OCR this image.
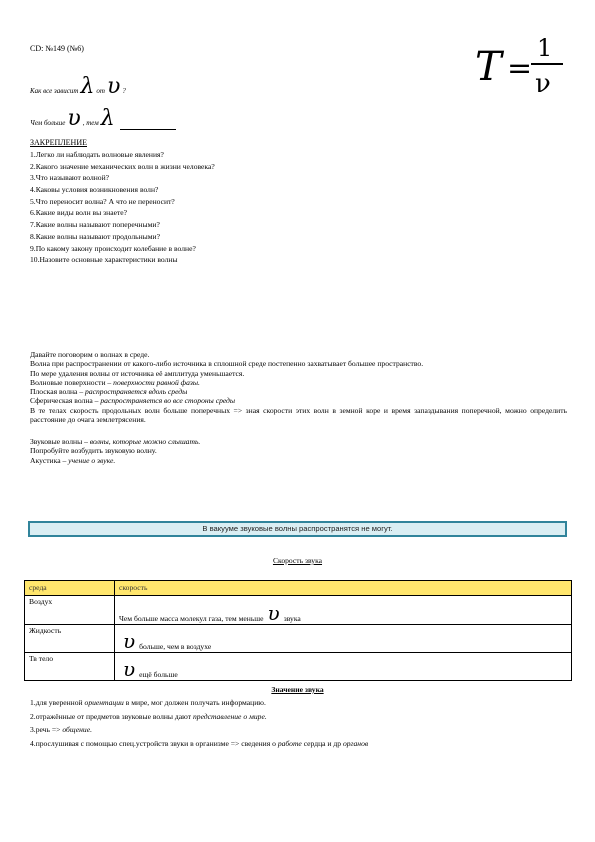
CD: №149 (№6)	T =
1
ν
Как все зависит λ от υ ?
Чем больше υ , тем λ
ЗАКРЕПЛЕНИЕ
1.Легко ли наблюдать волновые явления?
2.Какого значение механических волн в жизни человека?
3.Что называют волной?
4.Каковы условия возникновения волн?
5.Что переносит волна? А что не переносит?
6.Какие виды волн вы знаете?
7.Какие волны называют поперечными?
8.Какие волны называют продольными?
9.По какому закону происходит колебание в волне?
10.Назовите основные характеристики волны

Давайте поговорим о волнах в среде.

Волна при распространении от какого-либо источника в сплошной среде постепенно захватывает большее пространство.

По мере удаления волны от источника её амплитуда уменьшается.

Волновые поверхности – поверхности равной фазы.

Плоская волна – распространяется вдоль среды

Сферическая волна – распространяется во все стороны среды

В те телах скорость продольных волн больше поперечных => зная скорости этих волн в земной коре и время запаздывания поперечной, можно определить расстояние до очага землетрясения.

Звуковые волны – волны, которые можно слышать.

Попробуйте возбудить звуковую волну.

Акустика – учение о звуке.

В вакууме звуковые волны распространятся не могут.
Скорость звука
среда	скорость
Воздух	Чем больше масса молекул газа, тем меньше υ звука

Жидкость	υ больше, чем в воздухе

Тв тело	υ ещё больше
Значение звука
1.для уверенной ориентации в мире, мог должен получать информацию.
2.отражённые от предметов звуковые волны дают представление о мире.
3.речь => общение.
4.прослушивая с помощью спец.устройств звуки в организме => сведения о работе сердца и др органов
